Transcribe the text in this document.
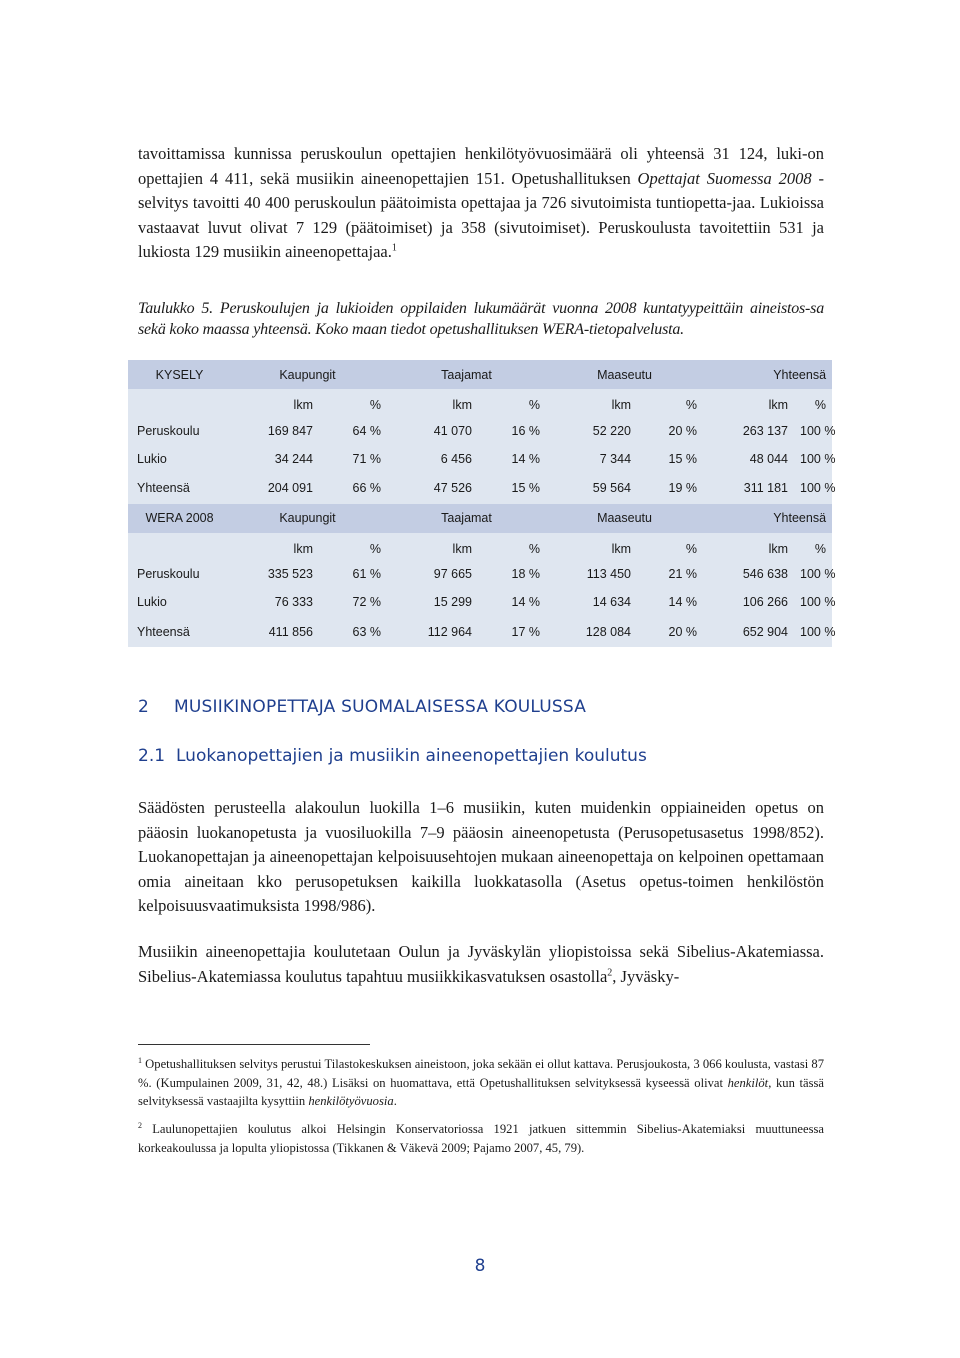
tavoittamissa kunnissa peruskoulun opettajien henkilötyövuosimäärä oli yhteensä 31 124, luki-on opettajien 4 411, sekä musiikin aineenopettajien 151. Opetushallituksen Opettajat Suomessa 2008 -selvitys tavoitti 40 400 peruskoulun päätoimista opettajaa ja 726 sivutoimista tuntiopetta-jaa. Lukioissa vastaavat luvut olivat 7 129 (päätoimiset) ja 358 (sivutoimiset). Peruskoulusta tavoitettiin 531 ja lukiosta 129 musiikin aineenopettajaa.$^1$

Taulukko 5. Peruskoulujen ja lukioiden oppilaiden lukumäärät vuonna 2008 kuntatyypeittäin aineistos-sa sekä koko maassa yhteensä. Koko maan tiedot opetushallituksen WERA-tietopalvelusta.

KYSELY	Kaupungit		Taajamat		Maaseutu		Yhteensä	
	lkm	%	lkm	%	lkm	%	lkm	%
Peruskoulu	169 847	64 %	41 070	16 %	52 220	20 %	263 137	100 %
Lukio	34 244	71 %	6 456	14 %	7 344	15 %	48 044	100 %
Yhteensä	204 091	66 %	47 526	15 %	59 564	19 %	311 181	100 %
WERA 2008	Kaupungit		Taajamat		Maaseutu		Yhteensä	
	lkm	%	lkm	%	lkm	%	lkm	%
Peruskoulu	335 523	61 %	97 665	18 %	113 450	21 %	546 638	100 %
Lukio	76 333	72 %	15 299	14 %	14 634	14 %	106 266	100 %
Yhteensä	411 856	63 %	112 964	17 %	128 084	20 %	652 904	100 %
2 MUSIIKINOPETTAJA SUOMALAISESSA KOULUSSA
2.1 Luokanopettajien ja musiikin aineenopettajien koulutus

Säädösten perusteella alakoulun luokilla 1–6 musiikin, kuten muidenkin oppiaineiden opetus on pääosin luokanopetusta ja vuosiluokilla 7–9 pääosin aineenopetusta (Perusopetusasetus 1998/852). Luokanopettajan ja aineenopettajan kelpoisuusehtojen mukaan aineenopettaja on kelpoinen opettamaan omia aineitaan kko perusopetuksen kaikilla luokkatasolla (Asetus opetus-toimen henkilöstön kelpoisuusvaatimuksista 1998/986).

Musiikin aineenopettajia koulutetaan Oulun ja Jyväskylän yliopistoissa sekä Sibelius-Akatemiassa. Sibelius-Akatemiassa koulutus tapahtuu musiikkikasvatuksen osastolla$^2$, Jyväsky-

$^1$ Opetushallituksen selvitys perustui Tilastokeskuksen aineistoon, joka sekään ei ollut kattava. Perusjoukosta, 3 066 koulusta, vastasi 87 %. (Kumpulainen 2009, 31, 42, 48.) Lisäksi on huomattava, että Opetushallituksen selvityksessä kyseessä olivat henkilöt, kun tässä selvityksessä vastaajilta kysyttiin henkilötyövuosia.

$^2$ Laulunopettajien koulutus alkoi Helsingin Konservatoriossa 1921 jatkuen sittemmin Sibelius-Akatemiaksi muuttuneessa korkeakoulussa ja lopulta yliopistossa (Tikkanen & Väkevä 2009; Pajamo 2007, 45, 79).

8
